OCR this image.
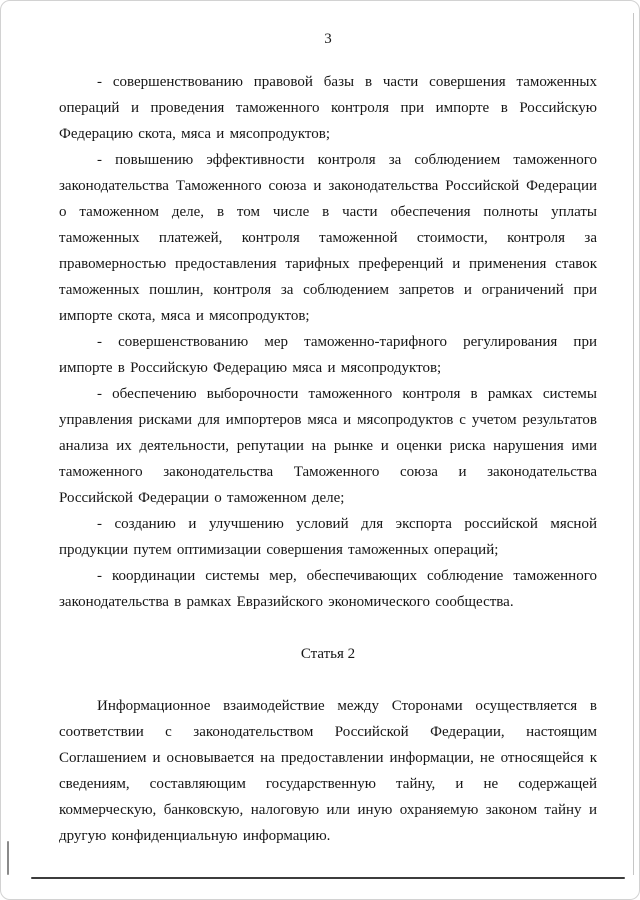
3

- совершенствованию правовой базы в части совершения таможенных операций и проведения таможенного контроля при импорте в Российскую Федерацию скота, мяса и мясопродуктов;

- повышению эффективности контроля за соблюдением таможенного законодательства Таможенного союза и законодательства Российской Федерации о таможенном деле, в том числе в части обеспечения полноты уплаты таможенных платежей, контроля таможенной стоимости, контроля за правомерностью предоставления тарифных преференций и применения ставок таможенных пошлин, контроля за соблюдением запретов и ограничений при импорте скота, мяса и мясопродуктов;

- совершенствованию мер таможенно-тарифного регулирования при импорте в Российскую Федерацию мяса и мясопродуктов;

- обеспечению выборочности таможенного контроля в рамках системы управления рисками для импортеров мяса и мясопродуктов с учетом результатов анализа их деятельности, репутации на рынке и оценки риска нарушения ими таможенного законодательства Таможенного союза и законодательства Российской Федерации о таможенном деле;

- созданию и улучшению условий для экспорта российской мясной продукции путем оптимизации совершения таможенных операций;

- координации системы мер, обеспечивающих соблюдение таможенного законодательства в рамках Евразийского экономического сообщества.

Статья 2

Информационное взаимодействие между Сторонами осуществляется в соответствии с законодательством Российской Федерации, настоящим Соглашением и основывается на предоставлении информации, не относящейся к сведениям, составляющим государственную тайну, и не содержащей коммерческую, банковскую, налоговую или иную охраняемую законом тайну и другую конфиденциальную информацию.
